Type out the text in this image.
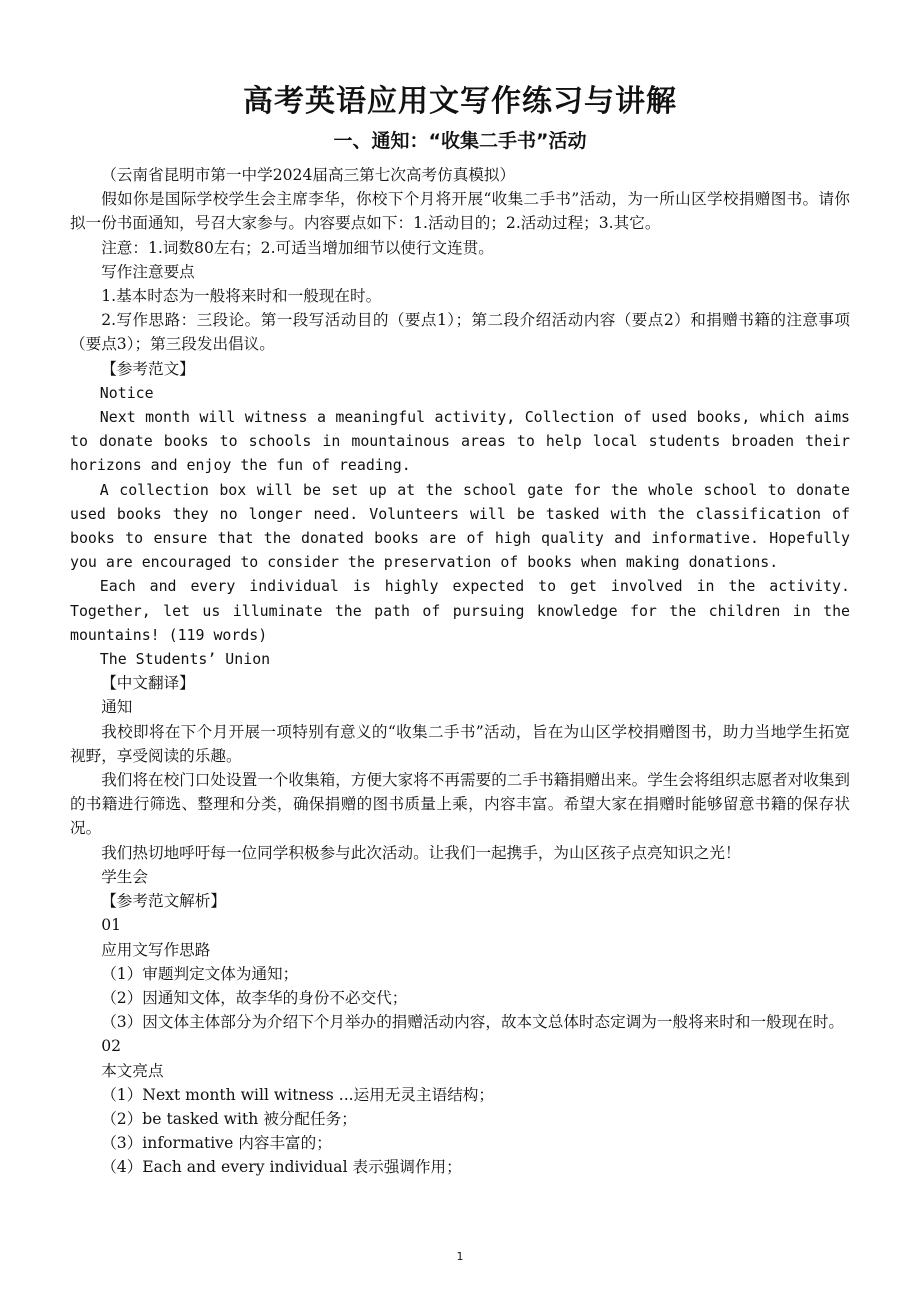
高考英语应用文写作练习与讲解
一、通知：“收集二手书”活动

（云南省昆明市第一中学2024届高三第七次高考仿真模拟）

假如你是国际学校学生会主席李华，你校下个月将开展“收集二手书”活动，为一所山区学校捐赠图书。请你拟一份书面通知，号召大家参与。内容要点如下：1.活动目的；2.活动过程；3.其它。

注意：1.词数80左右；2.可适当增加细节以使行文连贯。

写作注意要点

1.基本时态为一般将来时和一般现在时。

2.写作思路：三段论。第一段写活动目的（要点1）；第二段介绍活动内容（要点2）和捐赠书籍的注意事项（要点3）；第三段发出倡议。

【参考范文】

Notice

Next month will witness a meaningful activity, Collection of used books, which aims to donate books to schools in mountainous areas to help local students broaden their horizons and enjoy the fun of reading.

A collection box will be set up at the school gate for the whole school to donate used books they no longer need. Volunteers will be tasked with the classification of books to ensure that the donated books are of high quality and informative. Hopefully you are encouraged to consider the preservation of books when making donations.

Each and every individual is highly expected to get involved in the activity. Together, let us illuminate the path of pursuing knowledge for the children in the mountains! (119 words)

The Students’ Union

【中文翻译】

通知

我校即将在下个月开展一项特别有意义的“收集二手书”活动，旨在为山区学校捐赠图书，助力当地学生拓宽视野，享受阅读的乐趣。

我们将在校门口处设置一个收集箱，方便大家将不再需要的二手书籍捐赠出来。学生会将组织志愿者对收集到的书籍进行筛选、整理和分类，确保捐赠的图书质量上乘，内容丰富。希望大家在捐赠时能够留意书籍的保存状况。

我们热切地呼吁每一位同学积极参与此次活动。让我们一起携手，为山区孩子点亮知识之光！

学生会

【参考范文解析】

01

应用文写作思路

（1）审题判定文体为通知；

（2）因通知文体，故李华的身份不必交代；

（3）因文体主体部分为介绍下个月举办的捐赠活动内容，故本文总体时态定调为一般将来时和一般现在时。

02

本文亮点

（1）Next month will witness ...运用无灵主语结构；

（2）be tasked with 被分配任务；

（3）informative 内容丰富的；

（4）Each and every individual 表示强调作用；

1
